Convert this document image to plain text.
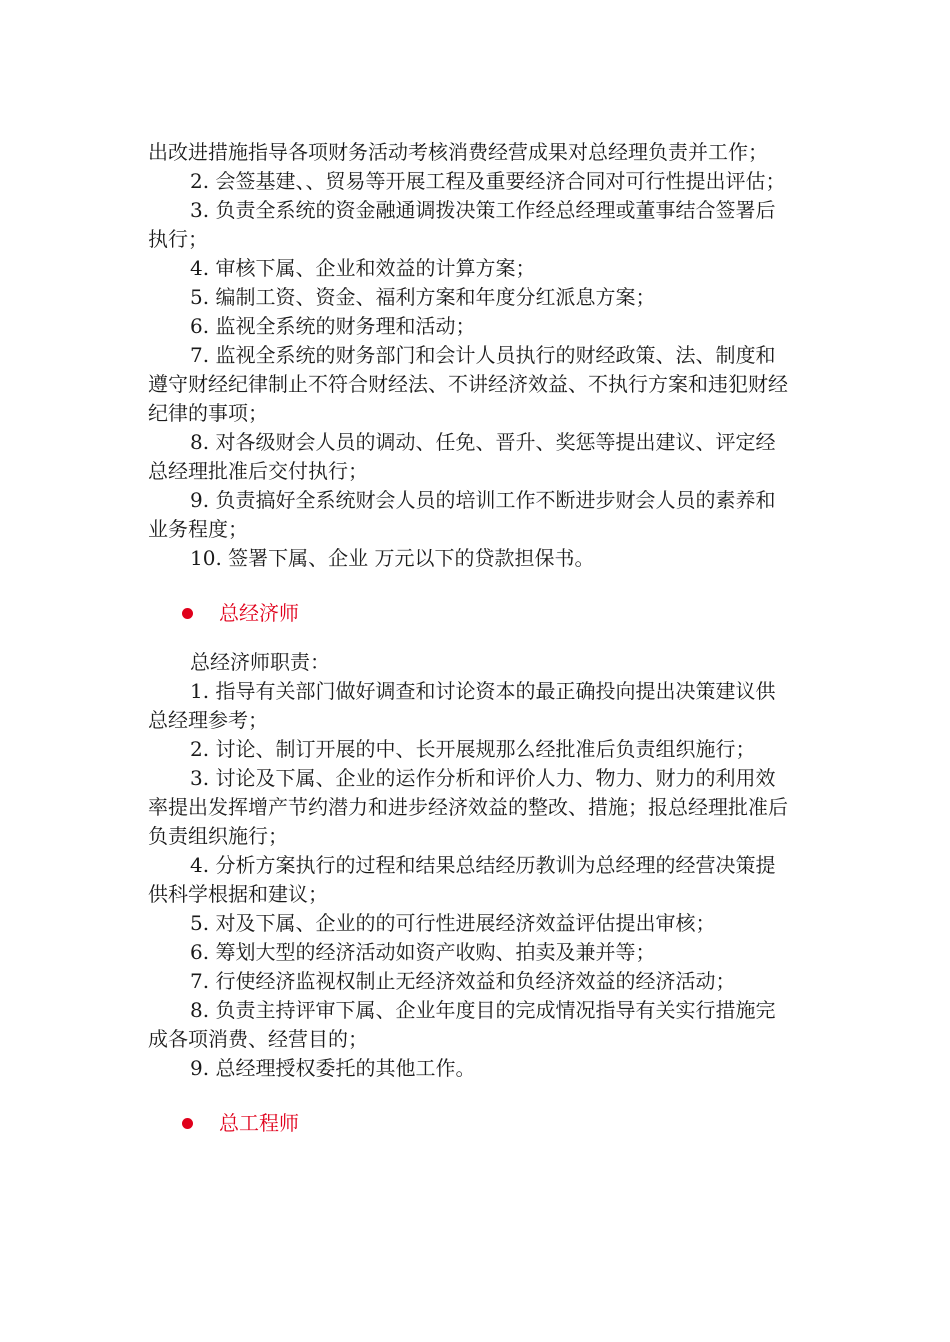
出改进措施指导各项财务活动考核消费经营成果对总经理负责并工作；

2. 会签基建、、贸易等开展工程及重要经济合同对可行性提出评估；

3. 负责全系统的资金融通调拨决策工作经总经理或董事结合签署后执行；

4. 审核下属、企业和效益的计算方案；

5. 编制工资、资金、福利方案和年度分红派息方案；

6. 监视全系统的财务理和活动；

7. 监视全系统的财务部门和会计人员执行的财经政策、法、制度和遵守财经纪律制止不符合财经法、不讲经济效益、不执行方案和违犯财经纪律的事项；

8. 对各级财会人员的调动、任免、晋升、奖惩等提出建议、评定经总经理批准后交付执行；

9. 负责搞好全系统财会人员的培训工作不断进步财会人员的素养和业务程度；

10. 签署下属、企业 万元以下的贷款担保书。

总经济师

总经济师职责：

1. 指导有关部门做好调查和讨论资本的最正确投向提出决策建议供总经理参考；

2. 讨论、制订开展的中、长开展规那么经批准后负责组织施行；

3. 讨论及下属、企业的运作分析和评价人力、物力、财力的利用效率提出发挥增产节约潜力和进步经济效益的整改、措施；报总经理批准后负责组织施行；

4. 分析方案执行的过程和结果总结经历教训为总经理的经营决策提供科学根据和建议；

5. 对及下属、企业的的可行性进展经济效益评估提出审核；

6. 筹划大型的经济活动如资产收购、拍卖及兼并等；

7. 行使经济监视权制止无经济效益和负经济效益的经济活动；

8. 负责主持评审下属、企业年度目的完成情况指导有关实行措施完成各项消费、经营目的；

9. 总经理授权委托的其他工作。

总工程师
